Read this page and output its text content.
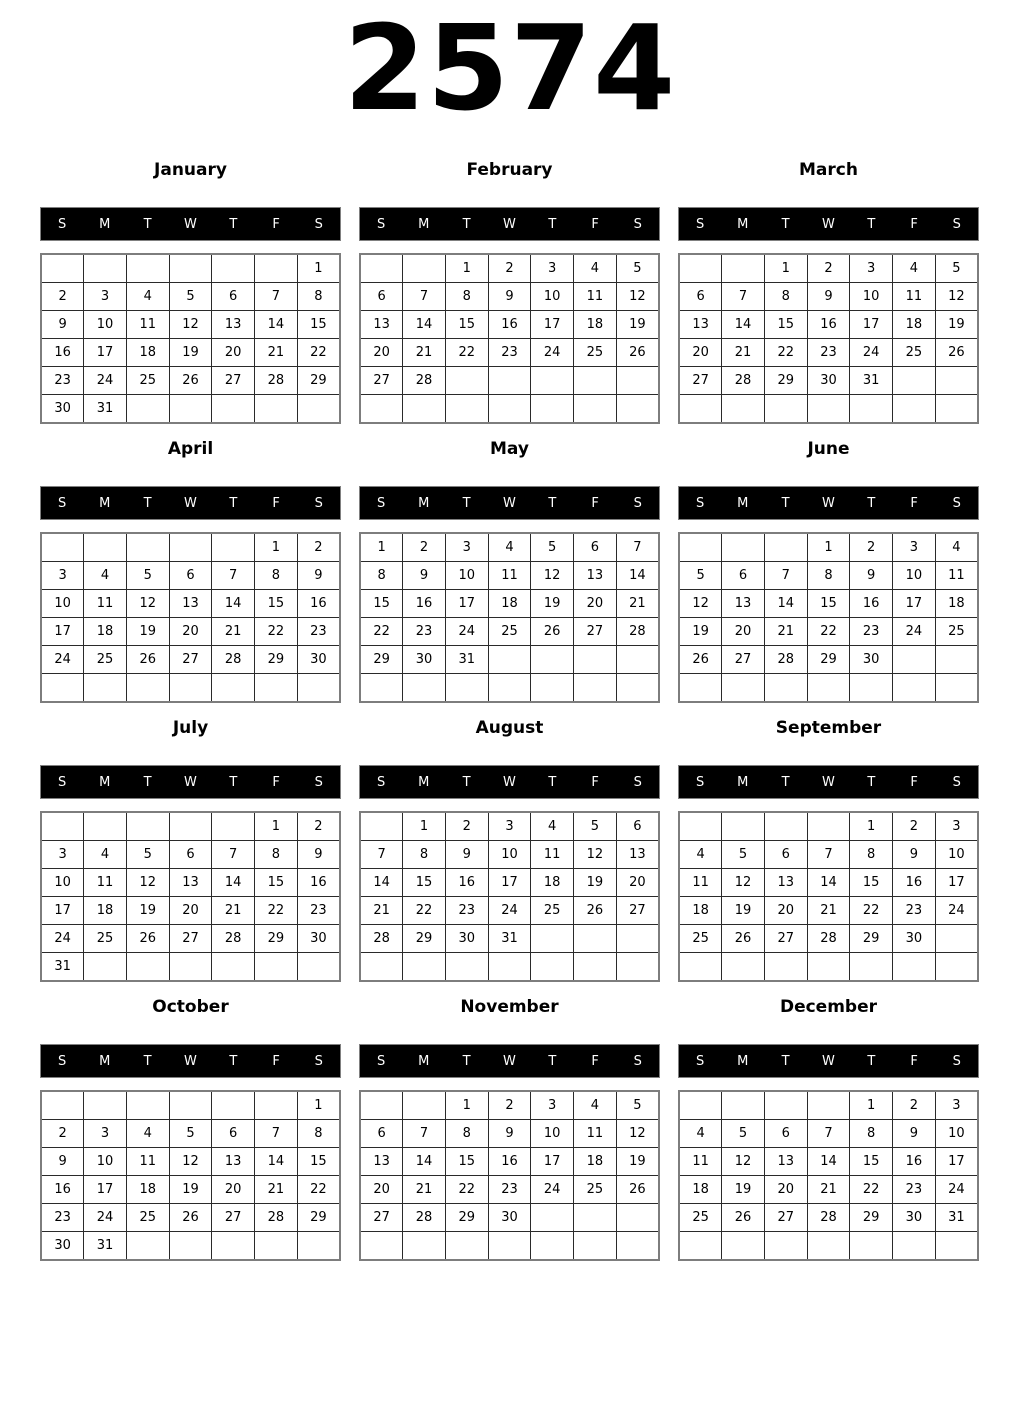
2574
January
S	M	T	W	T	F	S
						1
2	3	4	5	6	7	8
9	10	11	12	13	14	15
16	17	18	19	20	21	22
23	24	25	26	27	28	29
30	31					
February
S	M	T	W	T	F	S
		1	2	3	4	5
6	7	8	9	10	11	12
13	14	15	16	17	18	19
20	21	22	23	24	25	26
27	28					

March
S	M	T	W	T	F	S
		1	2	3	4	5
6	7	8	9	10	11	12
13	14	15	16	17	18	19
20	21	22	23	24	25	26
27	28	29	30	31		

April
S	M	T	W	T	F	S
					1	2
3	4	5	6	7	8	9
10	11	12	13	14	15	16
17	18	19	20	21	22	23
24	25	26	27	28	29	30

May
S	M	T	W	T	F	S
1	2	3	4	5	6	7
8	9	10	11	12	13	14
15	16	17	18	19	20	21
22	23	24	25	26	27	28
29	30	31				

June
S	M	T	W	T	F	S
			1	2	3	4
5	6	7	8	9	10	11
12	13	14	15	16	17	18
19	20	21	22	23	24	25
26	27	28	29	30		

July
S	M	T	W	T	F	S
					1	2
3	4	5	6	7	8	9
10	11	12	13	14	15	16
17	18	19	20	21	22	23
24	25	26	27	28	29	30
31						
August
S	M	T	W	T	F	S
	1	2	3	4	5	6
7	8	9	10	11	12	13
14	15	16	17	18	19	20
21	22	23	24	25	26	27
28	29	30	31			

September
S	M	T	W	T	F	S
				1	2	3
4	5	6	7	8	9	10
11	12	13	14	15	16	17
18	19	20	21	22	23	24
25	26	27	28	29	30	

October
S	M	T	W	T	F	S
						1
2	3	4	5	6	7	8
9	10	11	12	13	14	15
16	17	18	19	20	21	22
23	24	25	26	27	28	29
30	31					
November
S	M	T	W	T	F	S
		1	2	3	4	5
6	7	8	9	10	11	12
13	14	15	16	17	18	19
20	21	22	23	24	25	26
27	28	29	30			

December
S	M	T	W	T	F	S
				1	2	3
4	5	6	7	8	9	10
11	12	13	14	15	16	17
18	19	20	21	22	23	24
25	26	27	28	29	30	31
